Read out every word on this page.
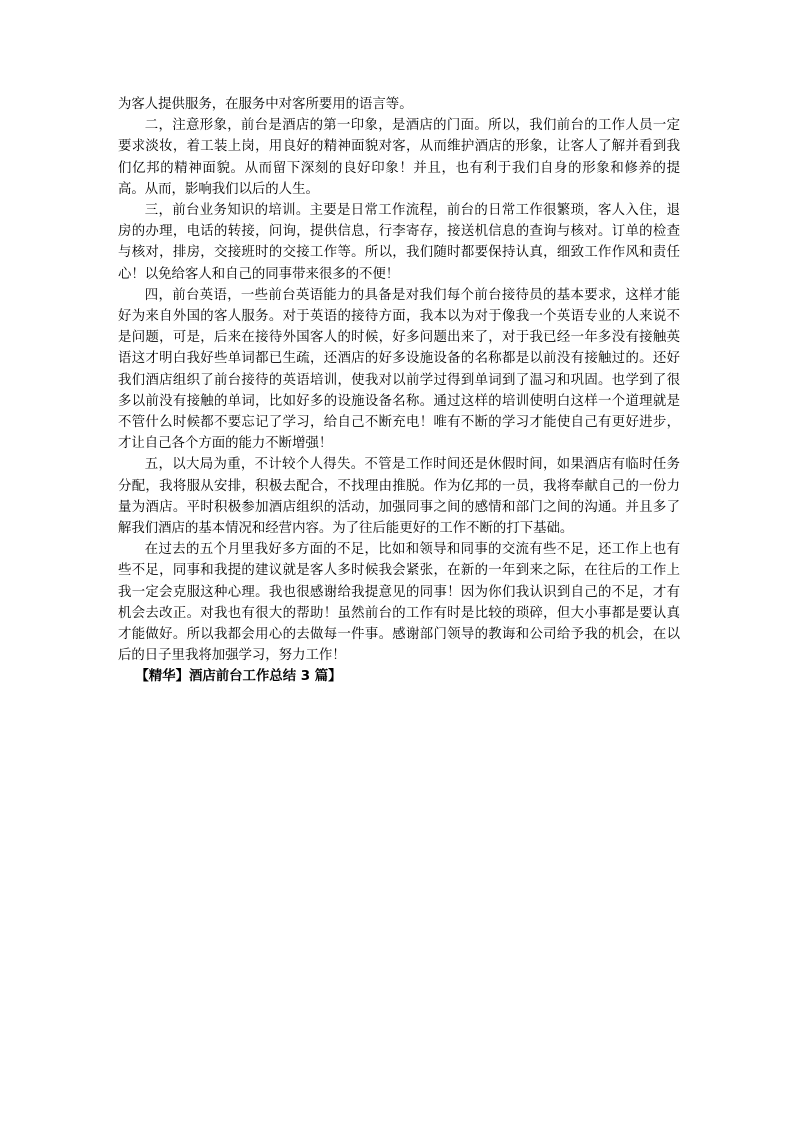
为客人提供服务，在服务中对客所要用的语言等。

二，注意形象，前台是酒店的第一印象，是酒店的门面。所以，我们前台的工作人员一定要求淡妆，着工装上岗，用良好的精神面貌对客，从而维护酒店的形象，让客人了解并看到我们亿邦的精神面貌。从而留下深刻的良好印象！并且，也有利于我们自身的形象和修养的提高。从而，影响我们以后的人生。

三，前台业务知识的培训。主要是日常工作流程，前台的日常工作很繁琐，客人入住，退房的办理，电话的转接，问询，提供信息，行李寄存，接送机信息的查询与核对。订单的检查与核对，排房，交接班时的交接工作等。所以，我们随时都要保持认真，细致工作作风和责任心！以免给客人和自己的同事带来很多的不便！

四，前台英语，一些前台英语能力的具备是对我们每个前台接待员的基本要求，这样才能好为来自外国的客人服务。对于英语的接待方面，我本以为对于像我一个英语专业的人来说不是问题，可是，后来在接待外国客人的时候，好多问题出来了，对于我已经一年多没有接触英语这才明白我好些单词都已生疏，还酒店的好多设施设备的名称都是以前没有接触过的。还好我们酒店组织了前台接待的英语培训，使我对以前学过得到单词到了温习和巩固。也学到了很多以前没有接触的单词，比如好多的设施设备名称。通过这样的培训使明白这样一个道理就是不管什么时候都不要忘记了学习，给自己不断充电！唯有不断的学习才能使自己有更好进步，才让自己各个方面的能力不断增强！

五，以大局为重，不计较个人得失。不管是工作时间还是休假时间，如果酒店有临时任务分配，我将服从安排，积极去配合，不找理由推脱。作为亿邦的一员，我将奉献自己的一份力量为酒店。平时积极参加酒店组织的活动，加强同事之间的感情和部门之间的沟通。并且多了解我们酒店的基本情况和经营内容。为了往后能更好的工作不断的打下基础。

在过去的五个月里我好多方面的不足，比如和领导和同事的交流有些不足，还工作上也有些不足，同事和我提的建议就是客人多时候我会紧张，在新的一年到来之际，在往后的工作上我一定会克服这种心理。我也很感谢给我提意见的同事！因为你们我认识到自己的不足，才有机会去改正。对我也有很大的帮助！虽然前台的工作有时是比较的琐碎，但大小事都是要认真才能做好。所以我都会用心的去做每一件事。感谢部门领导的教诲和公司给予我的机会，在以后的日子里我将加强学习，努力工作！

【精华】酒店前台工作总结 3 篇】
